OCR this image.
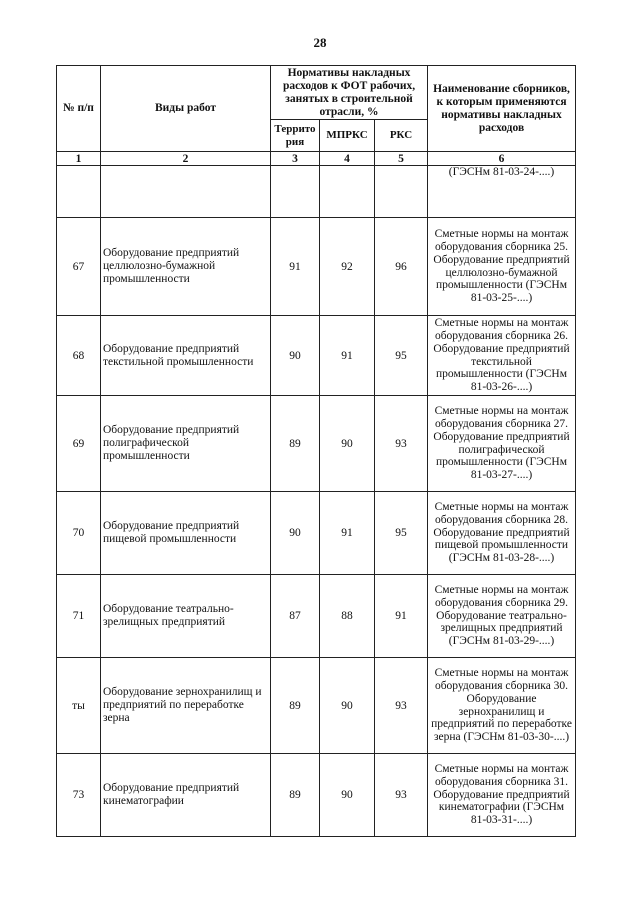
28
№ п/п	Виды работ	Нормативы накладных расходов к ФОТ рабочих, занятых в строительной отрасли, %			Наименование сборников, к которым применяются нормативы накладных расходов
		Террито рия	МПРКС	РКС	
1	2	3	4	5	6
					(ГЭСНм 81-03-24-....)
67	Оборудование предприятий целлюлозно-бумажной промышленности	91	92	96	Сметные нормы на монтаж оборудования сборника 25. Оборудование предприятий целлюлозно-бумажной промышленности (ГЭСНм 81-03-25-....)
68	Оборудование предприятий текстильной промышленности	90	91	95	Сметные нормы на монтаж оборудования сборника 26. Оборудование предприятий текстильной промышленности (ГЭСНм 81-03-26-....)
69	Оборудование предприятий полиграфической промышленности	89	90	93	Сметные нормы на монтаж оборудования сборника 27. Оборудование предприятий полиграфической промышленности (ГЭСНм 81-03-27-....)
70	Оборудование предприятий пищевой промышленности	90	91	95	Сметные нормы на монтаж оборудования сборника 28. Оборудование предприятий пищевой промышленности (ГЭСНм 81-03-28-....)
71	Оборудование театрально-зрелищных предприятий	87	88	91	Сметные нормы на монтаж оборудования сборника 29. Оборудование театрально-зрелищных предприятий (ГЭСНм 81-03-29-....)
ты	Оборудование зернохранилищ и предприятий по переработке зерна	89	90	93	Сметные нормы на монтаж оборудования сборника 30. Оборудование зернохранилищ и предприятий по переработке зерна (ГЭСНм 81-03-30-....)
73	Оборудование предприятий кинематографии	89	90	93	Сметные нормы на монтаж оборудования сборника 31. Оборудование предприятий кинематографии (ГЭСНм 81-03-31-....)
